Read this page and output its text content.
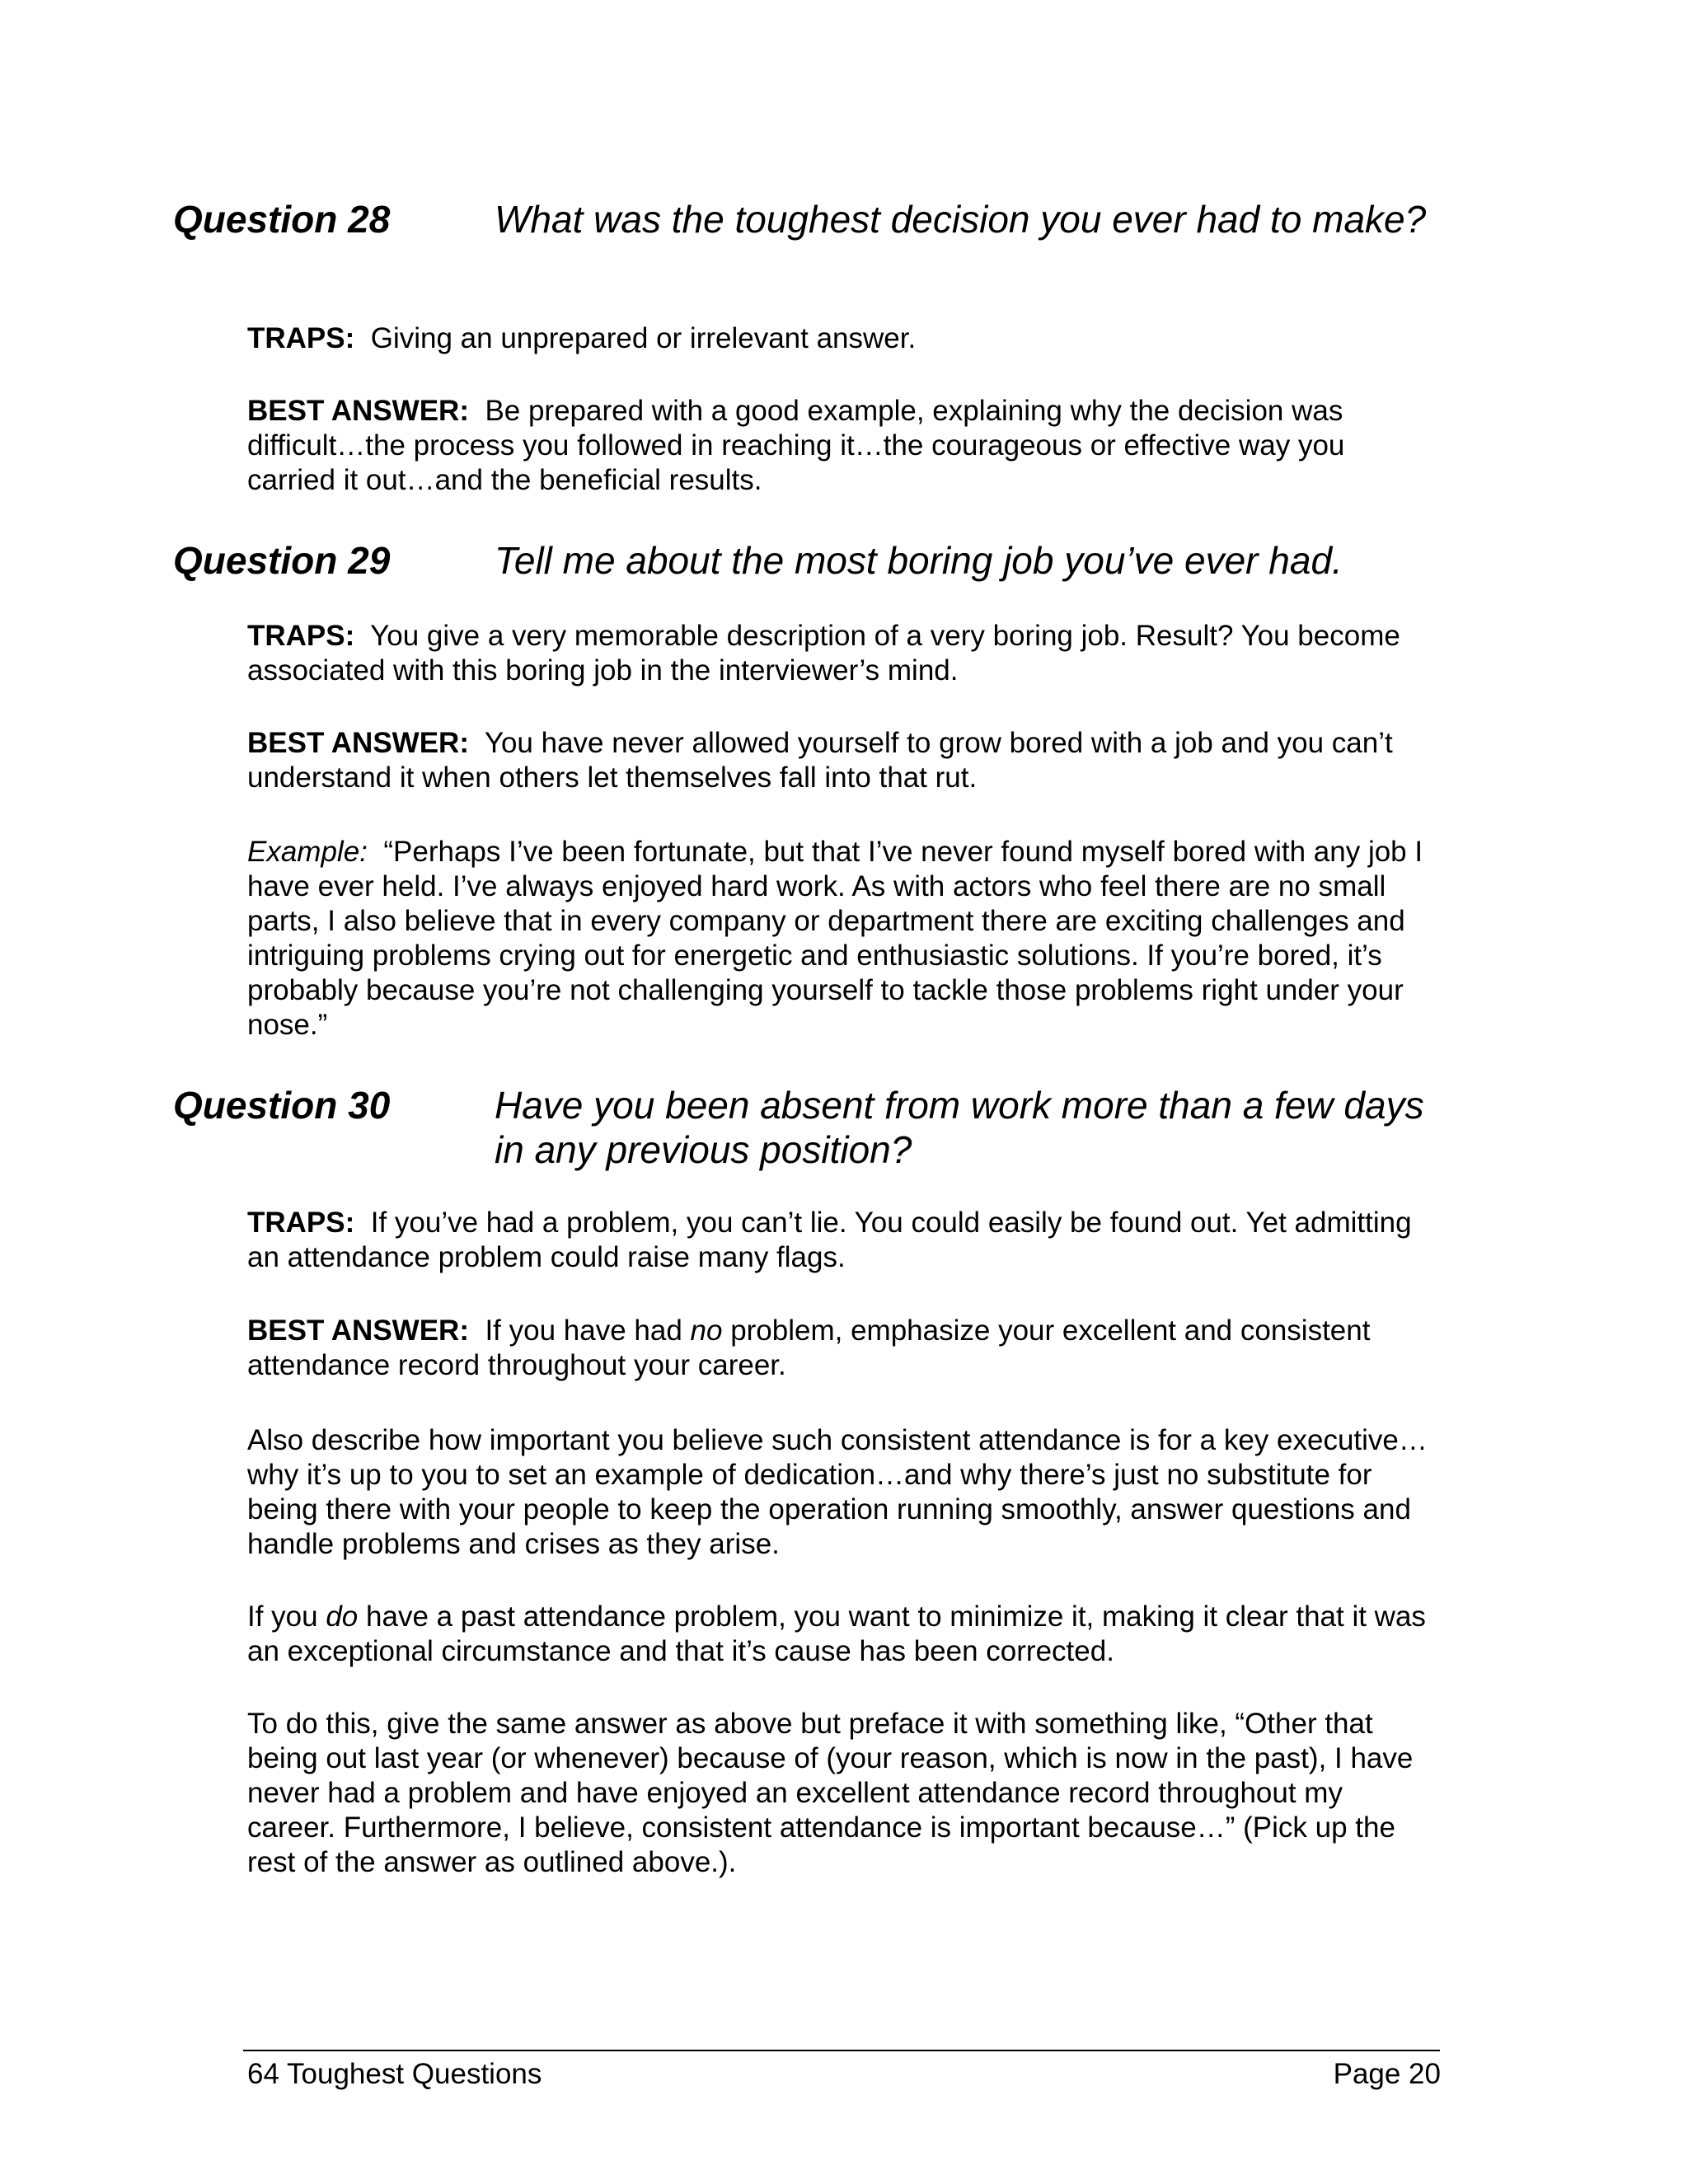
Question 28	What was the toughest decision you ever had to make?

TRAPS: Giving an unprepared or irrelevant answer.

BEST ANSWER: Be prepared with a good example, explaining why the decision was difficult…the process you followed in reaching it…the courageous or effective way you carried it out…and the beneficial results.

Question 29	Tell me about the most boring job you’ve ever had.

TRAPS: You give a very memorable description of a very boring job. Result? You become associated with this boring job in the interviewer’s mind.

BEST ANSWER: You have never allowed yourself to grow bored with a job and you can’t understand it when others let themselves fall into that rut.

Example: “Perhaps I’ve been fortunate, but that I’ve never found myself bored with any job I have ever held. I’ve always enjoyed hard work. As with actors who feel there are no small parts, I also believe that in every company or department there are exciting challenges and intriguing problems crying out for energetic and enthusiastic solutions. If you’re bored, it’s probably because you’re not challenging yourself to tackle those problems right under your nose.”

Question 30	Have you been absent from work more than a few days in any previous position?

TRAPS: If you’ve had a problem, you can’t lie. You could easily be found out. Yet admitting an attendance problem could raise many flags.

BEST ANSWER: If you have had no problem, emphasize your excellent and consistent attendance record throughout your career.

Also describe how important you believe such consistent attendance is for a key executive…why it’s up to you to set an example of dedication…and why there’s just no substitute for being there with your people to keep the operation running smoothly, answer questions and handle problems and crises as they arise.

If you do have a past attendance problem, you want to minimize it, making it clear that it was an exceptional circumstance and that it’s cause has been corrected.

To do this, give the same answer as above but preface it with something like, “Other that being out last year (or whenever) because of (your reason, which is now in the past), I have never had a problem and have enjoyed an excellent attendance record throughout my career. Furthermore, I believe, consistent attendance is important because…” (Pick up the rest of the answer as outlined above.).

64 Toughest Questions	Page 20
